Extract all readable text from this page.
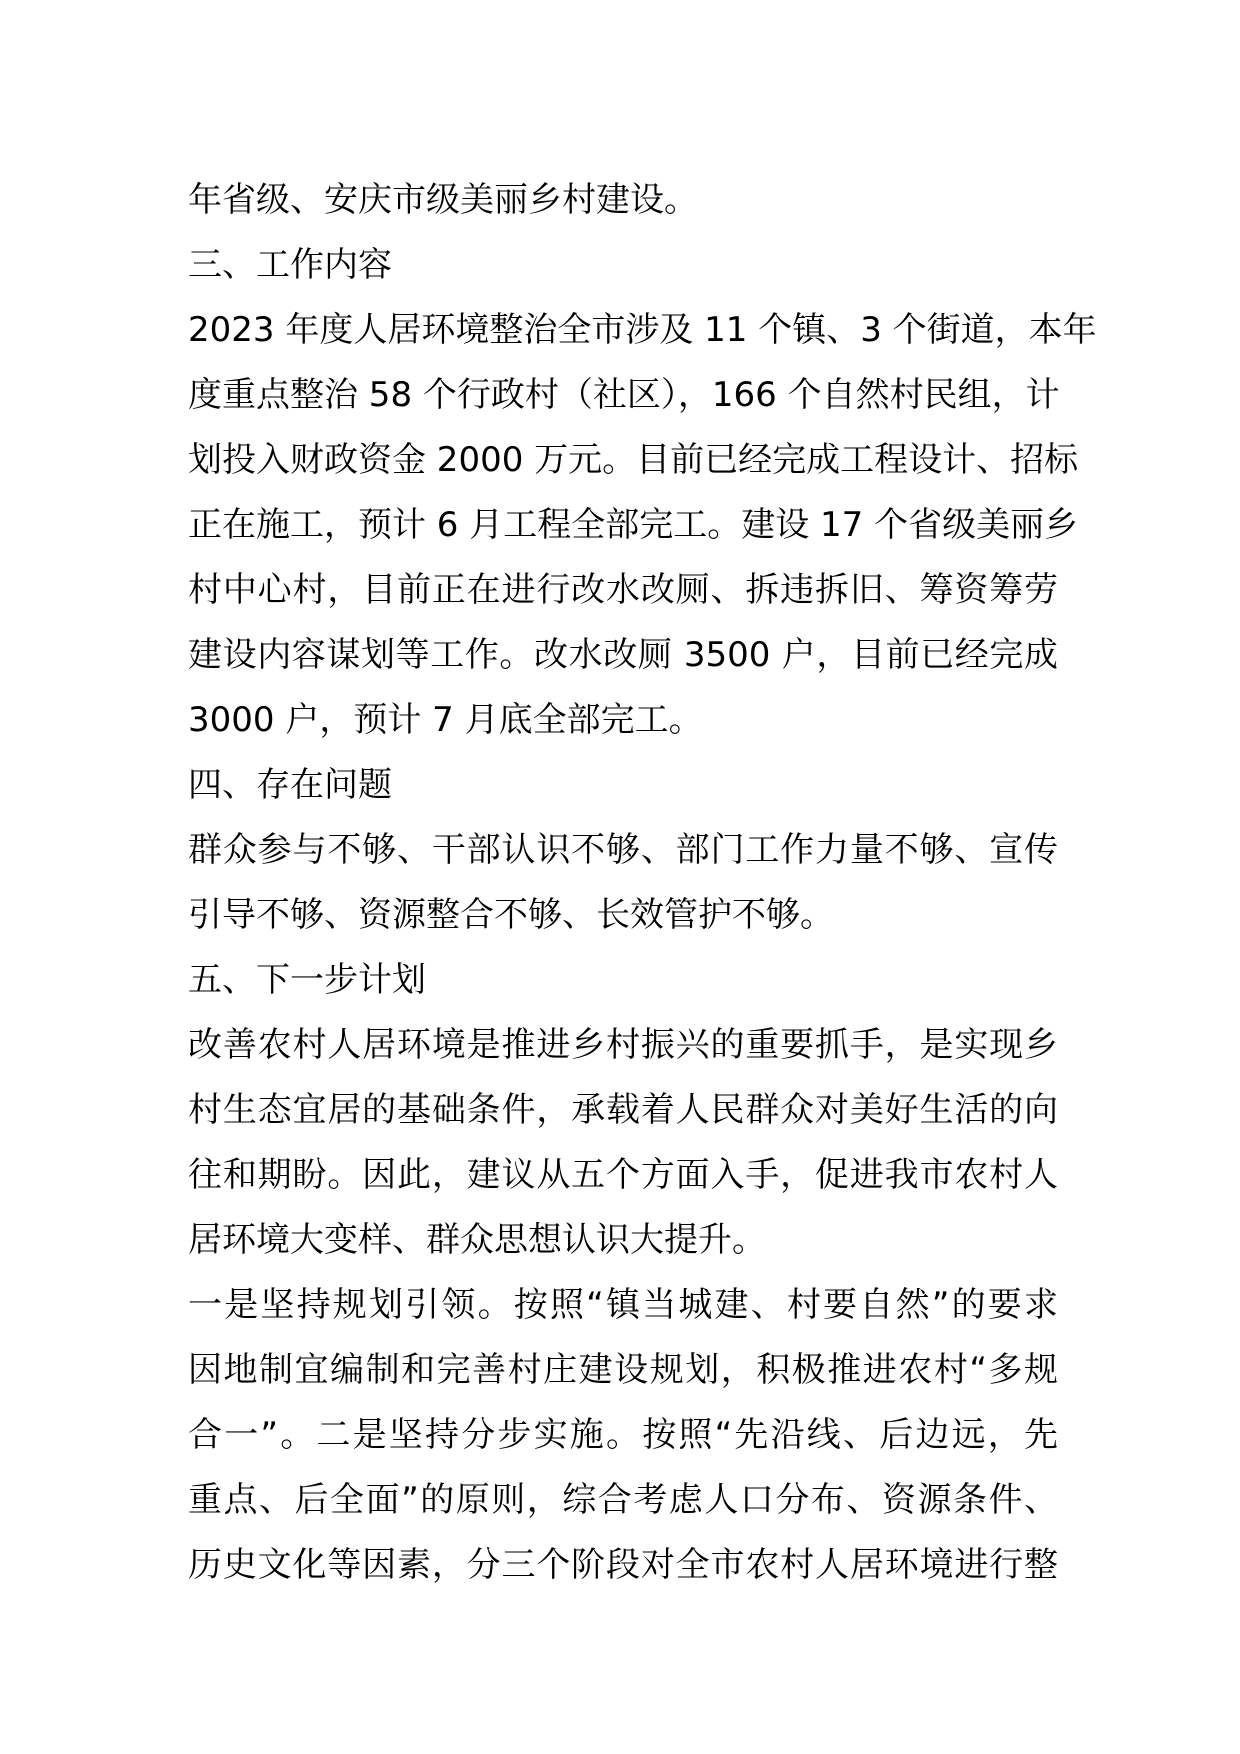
年省级、安庆市级美丽乡村建设。

三、工作内容

2023 年度人居环境整治全市涉及 11 个镇、3 个街道，本年

度重点整治 58 个行政村（社区），166 个自然村民组，计

划投入财政资金 2000 万元。目前已经完成工程设计、招标

正在施工，预计 6 月工程全部完工。建设 17 个省级美丽乡

村中心村，目前正在进行改水改厕、拆违拆旧、筹资筹劳

建设内容谋划等工作。改水改厕 3500 户，目前已经完成

3000 户，预计 7 月底全部完工。

四、存在问题

群众参与不够、干部认识不够、部门工作力量不够、宣传

引导不够、资源整合不够、长效管护不够。

五、下一步计划

改善农村人居环境是推进乡村振兴的重要抓手，是实现乡

村生态宜居的基础条件，承载着人民群众对美好生活的向

往和期盼。因此，建议从五个方面入手，促进我市农村人

居环境大变样、群众思想认识大提升。

一是坚持规划引领。按照“镇当城建、村要自然”的要求

因地制宜编制和完善村庄建设规划，积极推进农村“多规

合一”。二是坚持分步实施。按照“先沿线、后边远，先

重点、后全面”的原则，综合考虑人口分布、资源条件、

历史文化等因素，分三个阶段对全市农村人居环境进行整
